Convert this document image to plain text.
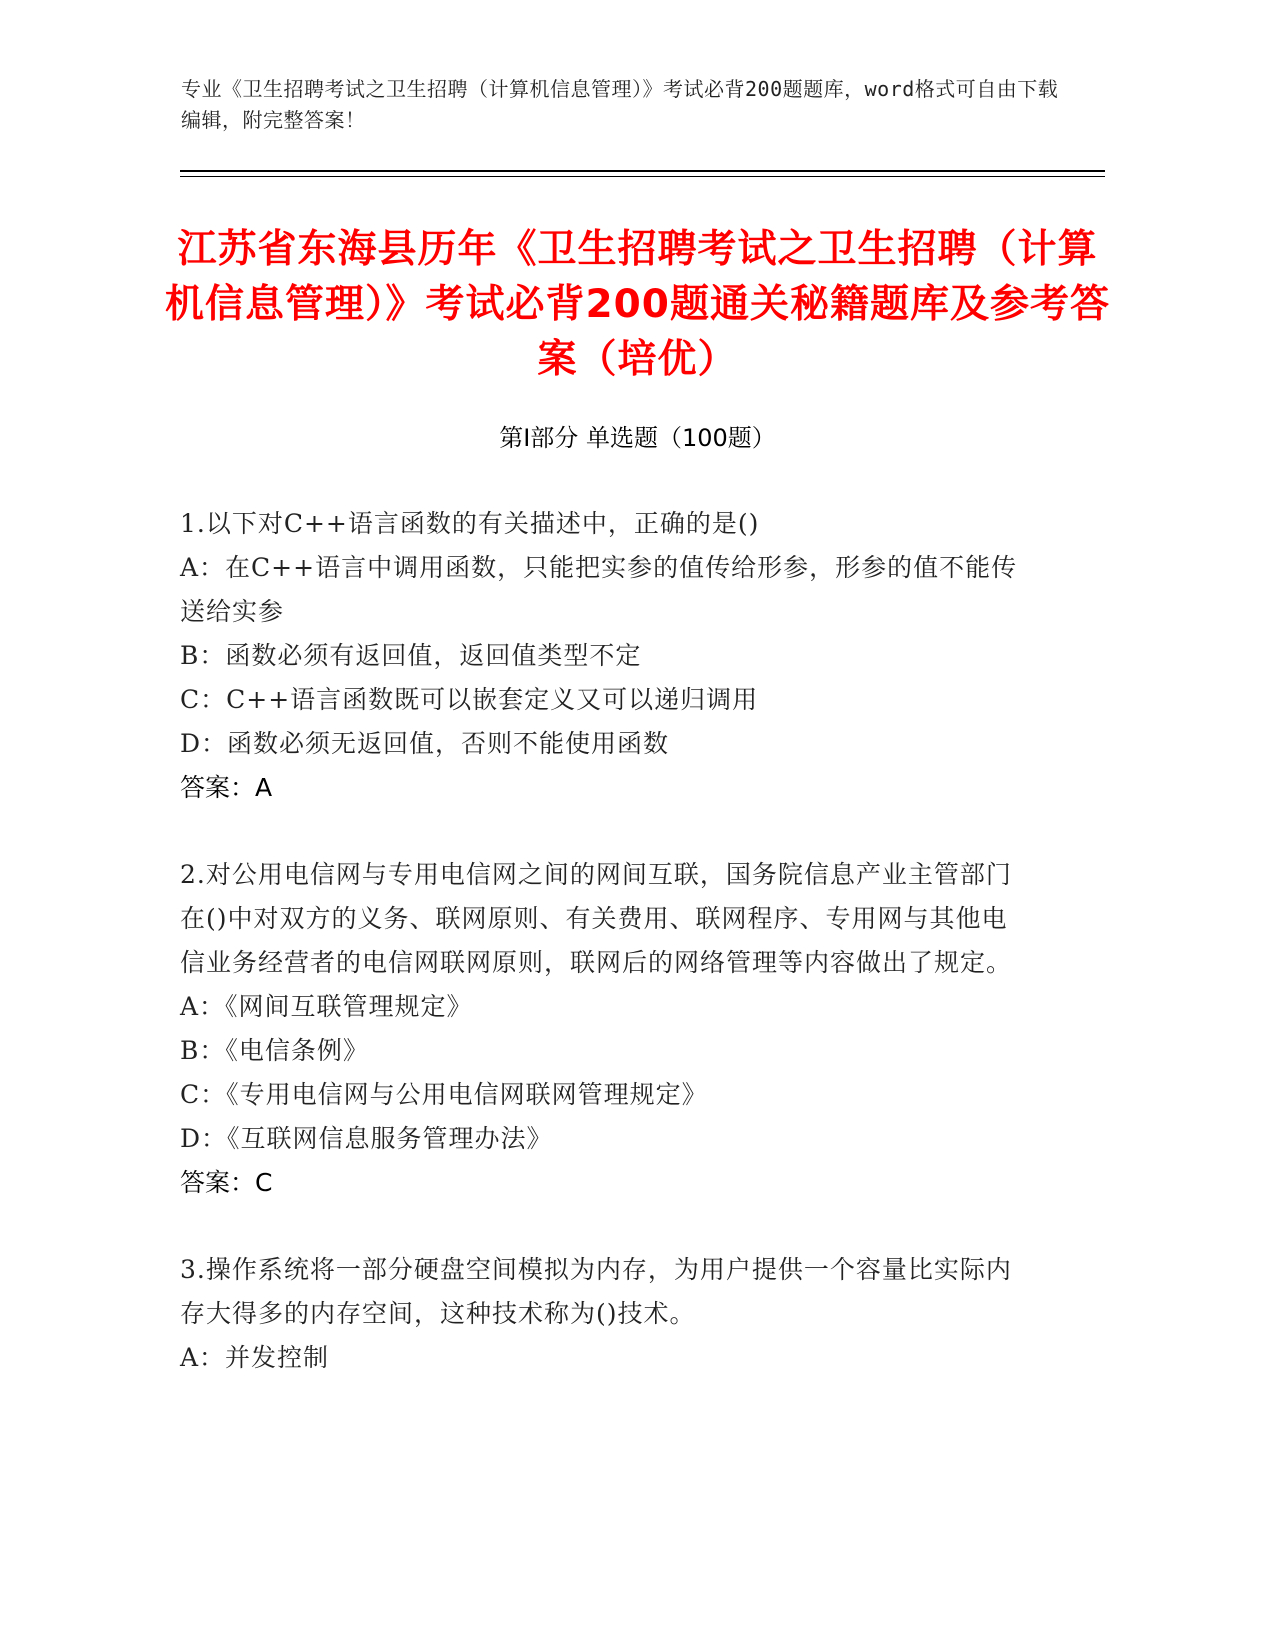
专业《卫生招聘考试之卫生招聘（计算机信息管理）》考试必背200题题库，word格式可自由下载编辑，附完整答案！
江苏省东海县历年《卫生招聘考试之卫生招聘（计算机信息管理）》考试必背200题通关秘籍题库及参考答案（培优）
第Ⅰ部分 单选题（100题）

1.以下对C++语言函数的有关描述中，正确的是()

A：在C++语言中调用函数，只能把实参的值传给形参，形参的值不能传送给实参

B：函数必须有返回值，返回值类型不定

C：C++语言函数既可以嵌套定义又可以递归调用

D：函数必须无返回值，否则不能使用函数

答案：A

2.对公用电信网与专用电信网之间的网间互联，国务院信息产业主管部门在()中对双方的义务、联网原则、有关费用、联网程序、专用网与其他电信业务经营者的电信网联网原则，联网后的网络管理等内容做出了规定。

A：《网间互联管理规定》

B：《电信条例》

C：《专用电信网与公用电信网联网管理规定》

D：《互联网信息服务管理办法》

答案：C

3.操作系统将一部分硬盘空间模拟为内存，为用户提供一个容量比实际内存大得多的内存空间，这种技术称为()技术。

A：并发控制
